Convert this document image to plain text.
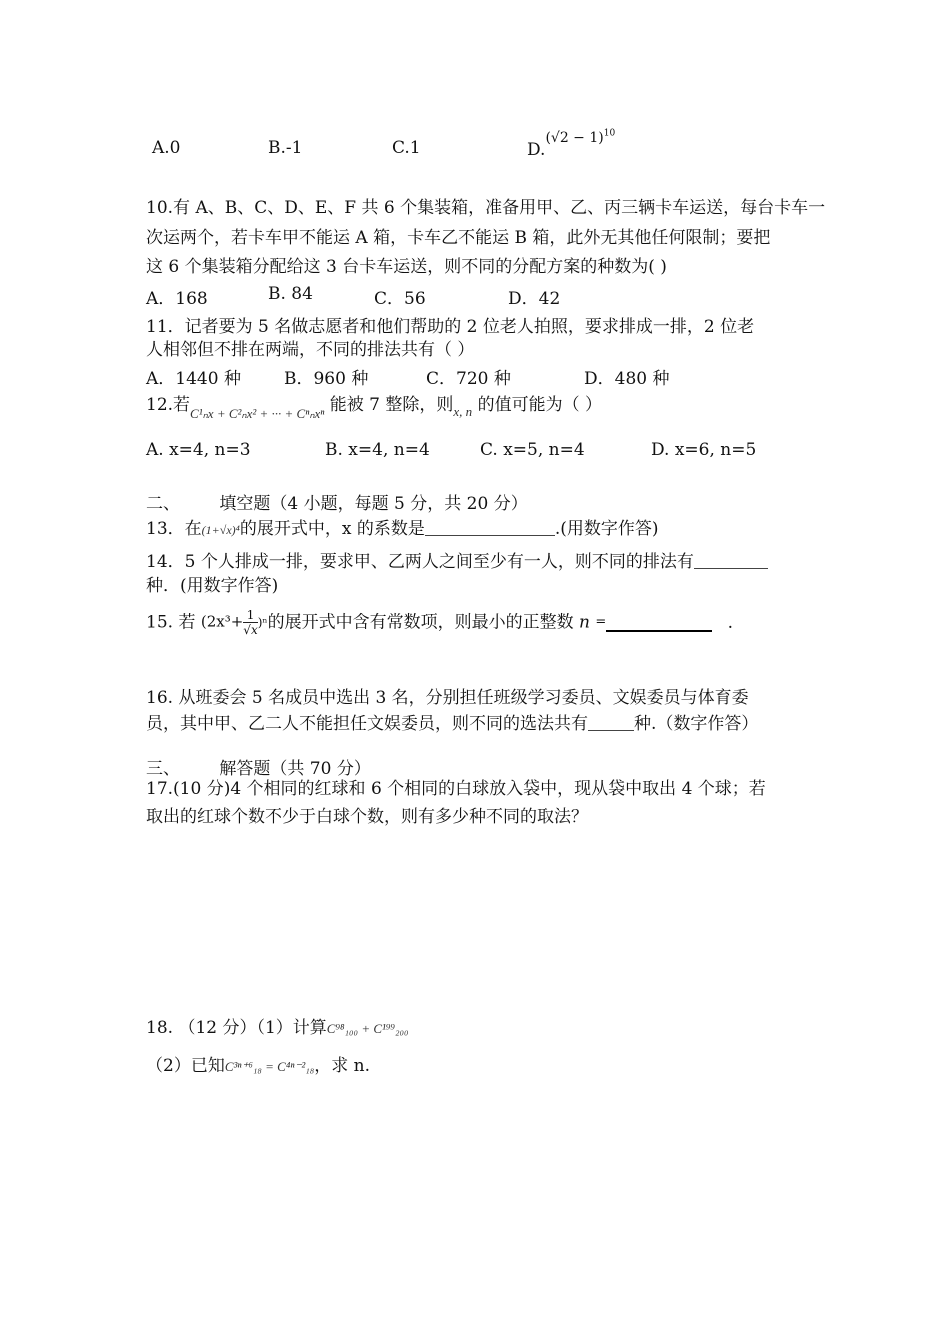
A.0	B.-1	C.1	$D.(√2 - 1)^{10}$
10.有 A、B、C、D、E、F 共 6 个集装箱，准备用甲、乙、丙三辆卡车运送，每台卡车一
次运两个，若卡车甲不能运 A 箱，卡车乙不能运 B 箱，此外无其他任何限制；要把
这 6 个集装箱分配给这 3 台卡车运送，则不同的分配方案的种数为( )
A．168	B. 84	C．56	D．42
11．记者要为 5 名做志愿者和他们帮助的 2 位老人拍照，要求排成一排，2 位老
人相邻但不排在两端，不同的排法共有（ ）
A．1440 种	B．960 种	C．720 种	D．480 种
12.若$_{C^1_nx + C^2_nx^2 + \cdot\cdot\cdot + C^n_nx^n}$ 能被 7 整除，则$_{x, n}$ 的值可能为（ ）
A. x=4, n=3	B. x=4, n=4	C. x=5, n=4	D. x=6, n=5
二、 填空题（4 小题，每题 5 分，共 20 分）
13．在(1+√x)⁴的展开式中，x 的系数是	.(用数字作答)
14．5 个人排成一排，要求甲、乙两人之间至少有一人，则不同的排法有
种．(用数字作答)
15. 若 $(2x^3+ \frac{1}{√x} )^n$的展开式中含有常数项，则最小的正整数 n =	.
16. 从班委会 5 名成员中选出 3 名，分别担任班级学习委员、文娱委员与体育委
员，其中甲、乙二人不能担任文娱委员，则不同的选法共有	种.（数字作答）
三、 解答题（共 70 分）
17.(10 分)4 个相同的红球和 6 个相同的白球放入袋中，现从袋中取出 4 个球；若
取出的红球个数不少于白球个数，则有多少种不同的取法？
18. （12 分）（1）计算C⁹⁸₁₀₀ + C¹⁹⁹₂₀₀
（2）已知C³ⁿ⁺⁶₁₈ = C⁴ⁿ⁻²₁₈，求 n.
